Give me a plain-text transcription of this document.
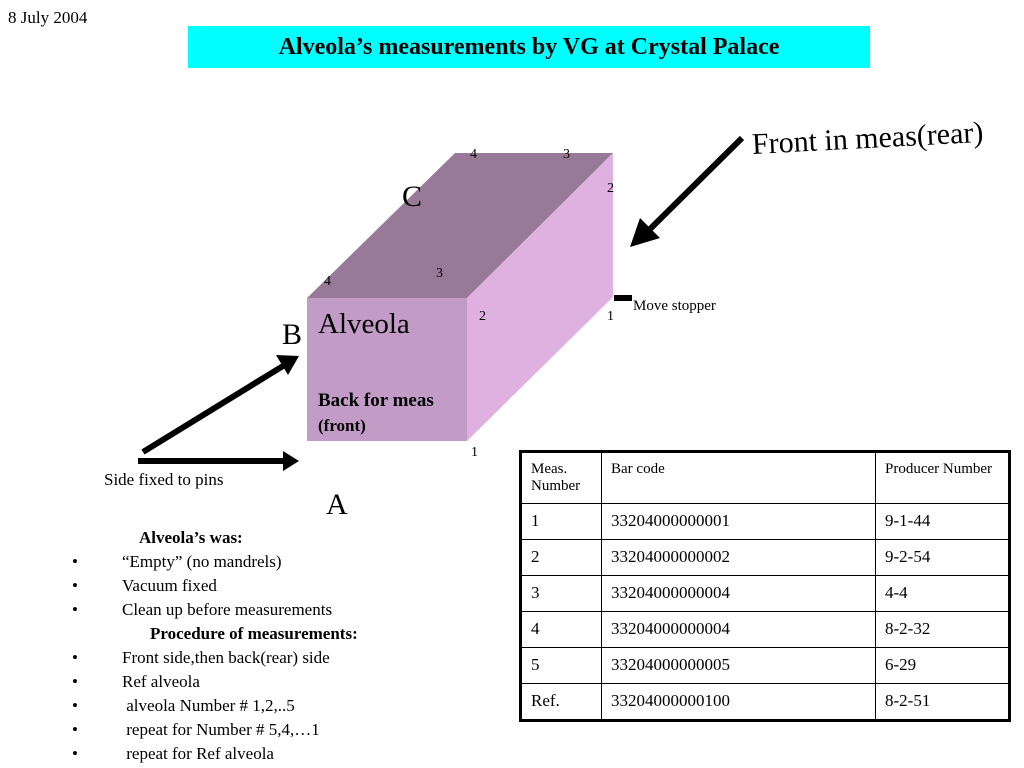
8 July 2004
Alveola’s measurements by VG at Crystal Palace
4	3
2
4
3
2	1
1
Front in meas(rear)
Alveola
Back for meas
(front)
Move stopper
Side fixed to pins
A
B
C
Alveola’s was:
•	“Empty” (no mandrels)
•	Vacuum fixed
•	Clean up before measurements
Procedure of measurements:
•	Front side,then back(rear) side
•	Ref alveola
•	alveola Number # 1,2,..5
•	repeat for Number # 5,4,…1
•	repeat for Ref alveola
Meas. Number	Bar code	Producer Number
1	33204000000001	9-1-44
2	33204000000002	9-2-54
3	33204000000004	4-4
4	33204000000004	8-2-32
5	33204000000005	6-29
Ref.	33204000000100	8-2-51
